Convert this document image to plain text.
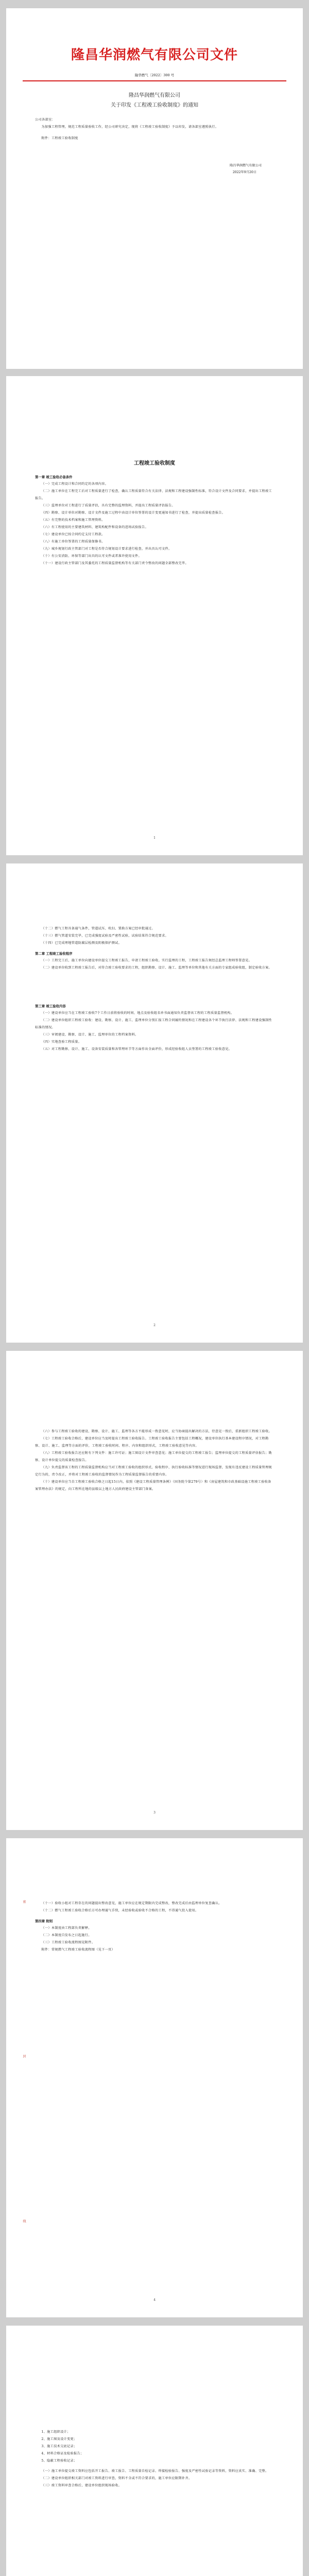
隆昌华润燃气有限公司文件
隆华燃气〔2022〕300 号
隆昌华润燃气有限公司
关于印发《工程竣工验收制度》的通知
公司各部室：
为加强工程管理，规范工程质量验收工作，经公司研究决定，现将《工程竣工验收制度》予以印发，请各部室遵照执行。
附件：工程竣工验收制度
隆昌华润燃气有限公司
2022年9月20日
工程竣工验收制度
第一章 竣工验收必备条件
（一）完成工程设计和合同约定的各项内容。
（二）施工单位在工程完工后对工程质量进行了检查，确认工程质量符合有关法律、法规和工程建设强制性标准，符合设计文件及合同要求，并提出工程竣工报告。
（三）监理单位对工程进行了质量评估，具有完整的监理资料，并提出工程质量评估报告。
（四）勘察、设计单位对勘察、设计文件及施工过程中由设计单位签署的设计变更通知书进行了检查，并提出质量检查报告。
（五）有完整的技术档案和施工管理资料。
（六）有工程使用的主要建筑材料、建筑构配件和设备的进场试验报告。
（七）建设单位已按合同约定支付工程款。
（八）有施工单位签署的工程质量保修书。
（九）城乡规划行政主管部门对工程是否符合规划设计要求进行检查，并出具认可文件。
（十）有公安消防、环保等部门出具的认可文件或者准许使用文件。
（十一）建设行政主管部门及其委托的工程质量监督机构等有关部门责令整改的问题全部整改完毕。
1
（十二）燃气工程具备通气条件，管道试压、吹扫、置换方案已经审批通过。
（十三）燃气管道安装完毕，已完成强度试验及严密性试验，试验结果符合规范要求。
（十四）已完成埋地管道防腐层检测及阴极保护测试。
第二章 工程竣工验收程序
（一）工程完工后，施工单位向建设单位提交工程竣工报告，申请工程竣工验收。实行监理的工程，工程竣工报告须经总监理工程师签署意见。
（二）建设单位收到工程竣工报告后，对符合竣工验收要求的工程，组织勘察、设计、施工、监理等单位和其他有关方面的专家组成验收组，制定验收方案。
第三章 竣工验收内容
（一）建设单位应当在工程竣工验收7个工作日前将验收的时间、地点及验收组名单书面通知负责监督该工程的工程质量监督机构。
（二）建设单位组织工程竣工验收：建设、勘察、设计、施工、监理单位分别汇报工程合同履约情况和在工程建设各个环节执行法律、法规和工程建设强制性标准的情况。
（三）审阅建设、勘察、设计、施工、监理单位的工程档案资料。
（四）实地查验工程质量。
（五）对工程勘察、设计、施工、设备安装质量和各管理环节等方面作出全面评价，形成经验收组人员签署的工程竣工验收意见。
2
（六）参与工程竣工验收的建设、勘察、设计、施工、监理等各方不能形成一致意见时，应当协商提出解决的方法，待意见一致后，重新组织工程竣工验收。
（七）工程竣工验收合格后，建设单位应当及时提出工程竣工验收报告。工程竣工验收报告主要包括工程概况，建设单位执行基本建设程序情况，对工程勘察、设计、施工、监理等方面的评价，工程竣工验收时间、程序、内容和组织形式，工程竣工验收意见等内容。
（八）工程竣工验收报告还应附有下列文件：施工许可证；施工图设计文件审查意见；施工单位提交的工程竣工报告；监理单位提交的工程质量评估报告；勘察、设计单位提交的质量检查报告。
（九）负责监督该工程的工程质量监督机构应当对工程竣工验收的组织形式、验收程序、执行验收标准等情况进行现场监督，发现有违反建设工程质量管理规定行为的，责令改正，并将对工程竣工验收的监督情况作为工程质量监督报告的重要内容。
（十）建设单位应当自工程竣工验收合格之日起15日内，依照《建设工程质量管理条例》（国务院令第279号）和《房屋建筑和市政基础设施工程竣工验收备案管理办法》的规定，向工程所在地的县级以上地方人民政府建设主管部门备案。
3
密
封
线
（十一）验收小组对工程存在的问题提出整改意见，施工单位应在规定期限内完成整改，整改完成后由监理单位复查确认。
（十二）燃气工程竣工验收合格后方可办理通气手续，未经验收或验收不合格的工程，不得通气投入使用。
第四章 附则
（一）本制度由工程部负责解释。
（二）本制度自发布之日起施行。
（三）工程竣工验收流程图见附件。
附件：常规燃气工程竣工验收流程图（见下一页）
4
1、施工组织设计；
2、施工图及设计变更；
3、施工技术交底记录；
4、材料合格证及检验报告；
5、隐蔽工程验收记录；
（一）施工单位提交竣工资料应包括开工报告、竣工报告、工程质量自检记录、焊接检验报告、强度及严密性试验记录等资料，资料应真实、准确、完整。
（二）建设单位组织相关部门对竣工资料进行审查，资料不全或不符合要求的，施工单位应限期补齐。
（三）竣工资料审查合格后，建设单位组织现场验收。
